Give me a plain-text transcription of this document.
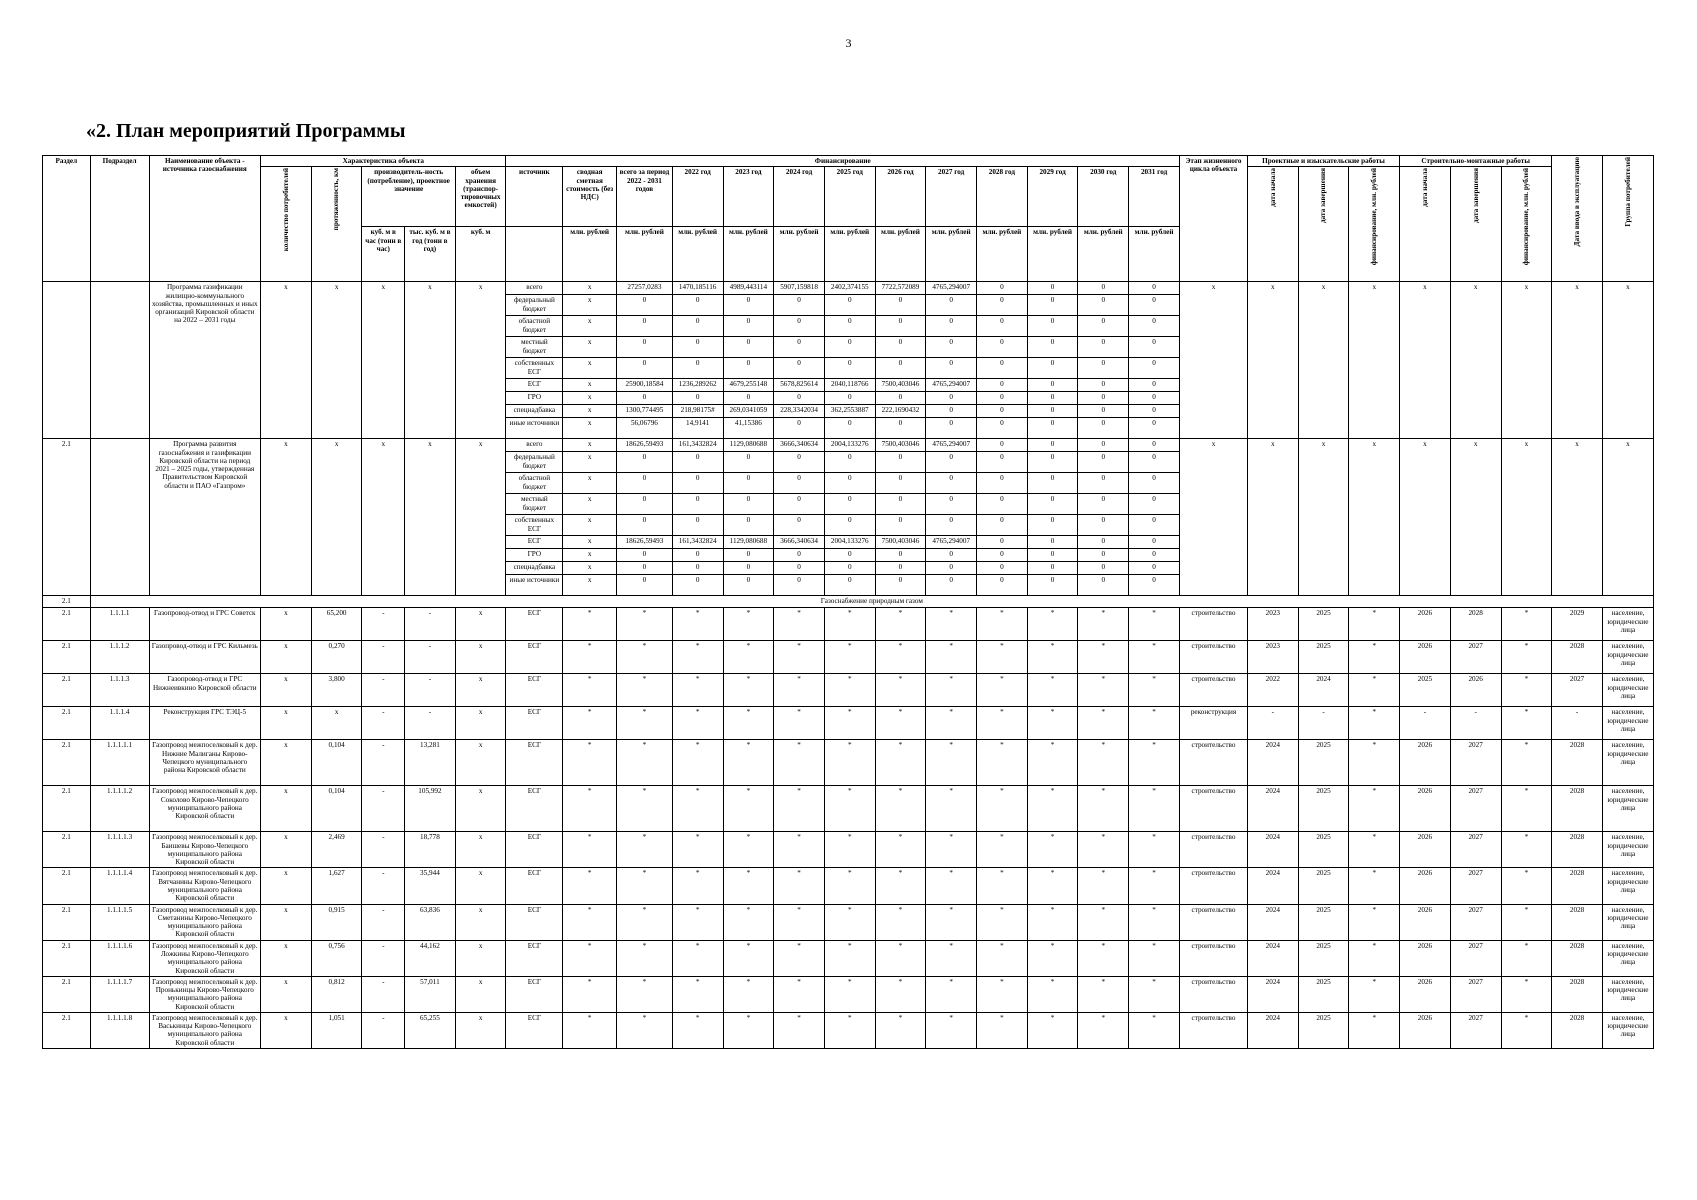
3
«2. План мероприятий Программы
Раздел	Подраздел	Наименование объекта - источника газоснабжения	Характеристика объекта					Финансирование													Этап жизненного цикла объекта	Проектные и изыскательские работы			Строительно-монтажные работы			Дата ввода в эксплуатацию	Группа потребителей
			количество потребителей	протяженность, км	производитель-ность (потребление), проектное значение		объем хранения (транспор-тировочных емкостей)	источник	сводная сметная стоимость (без НДС)	всего за период 2022 - 2031 годов	2022 год	2023 год	2024 год	2025 год	2026 год	2027 год	2028 год	2029 год	2030 год	2031 год		дата начала	дата завершения	финансирование, млн. рублей	дата начала	дата завершения	финансирование, млн. рублей		
					куб. м в час (тонн в час)	тыс. куб. м в год (тонн в год)	куб. м		млн. рублей	млн. рублей	млн. рублей	млн. рублей	млн. рублей	млн. рублей	млн. рублей	млн. рублей	млн. рублей	млн. рублей	млн. рублей	млн. рублей									
		Программа газификации жилищно-коммунального хозяйства, промышленных и иных организаций Кировской области на 2022 – 2031 годы	х	х	х	х	х	всего	х	27257,0283	1470,185116	4989,443114	5907,159818	2402,374155	7722,572089	4765,294007	0	0	0	0	х	х	х	х	х	х	х	х	х
								федеральный бюджет	х	0	0	0	0	0	0	0	0	0	0	0									
								областной бюджет	х	0	0	0	0	0	0	0	0	0	0	0									
								местный бюджет	х	0	0	0	0	0	0	0	0	0	0	0									
								собственных ЕСГ	х	0	0	0	0	0	0	0	0	0	0	0									
								ЕСГ	х	25900,18584	1236,289262	4679,255148	5678,825614	2040,118766	7500,403046	4765,294007	0	0	0	0									
								ГРО	х	0	0	0	0	0	0	0	0	0	0	0									
								спецнадбавка	х	1300,774495	218,98175#	269,0341059	228,3342034	362,2553887	222,1690432	0	0	0	0	0									
								иные источники	х	56,06796	14,9141	41,15386	0	0	0	0	0	0	0	0									
2.1		Программа развития газоснабжения и газификации Кировской области на период 2021 – 2025 годы, утвержденная Правительством Кировской области и ПАО «Газпром»	х	х	х	х	х	всего	х	18626,59493	161,3432824	1129,080688	3666,340634	2004,133276	7500,403046	4765,294007	0	0	0	0	х	х	х	х	х	х	х	х	х
								федеральный бюджет	х	0	0	0	0	0	0	0	0	0	0	0									
								областной бюджет	х	0	0	0	0	0	0	0	0	0	0	0									
								местный бюджет	х	0	0	0	0	0	0	0	0	0	0	0									
								собственных ЕСГ	х	0	0	0	0	0	0	0	0	0	0	0									
								ЕСГ	х	18626,59493	161,3432824	1129,080688	3666,340634	2004,133276	7500,403046	4765,294007	0	0	0	0									
								ГРО	х	0	0	0	0	0	0	0	0	0	0	0									
								спецнадбавка	х	0	0	0	0	0	0	0	0	0	0	0									
								иные источники	х	0	0	0	0	0	0	0	0	0	0	0									
2.1	Газоснабжение природным газом																												
2.1	1.1.1.1	Газопровод-отвод и ГРС Советск	х	65,200	-	-	х	ЕСГ	*	*	*	*	*	*	*	*	*	*	*	*	строительство	2023	2025	*	2026	2028	*	2029	население, юридические лица
2.1	1.1.1.2	Газопровод-отвод и ГРС Кильмезь	х	0,270	-	-	х	ЕСГ	*	*	*	*	*	*	*	*	*	*	*	*	строительство	2023	2025	*	2026	2027	*	2028	население, юридические лица
2.1	1.1.1.3	Газопровод-отвод и ГРС Нижнеивкино Кировской области	х	3,800	-	-	х	ЕСГ	*	*	*	*	*	*	*	*	*	*	*	*	строительство	2022	2024	*	2025	2026	*	2027	население, юридические лица
2.1	1.1.1.4	Реконструкция ГРС ТЭЦ-5	х	х	-	-	х	ЕСГ	*	*	*	*	*	*	*	*	*	*	*	*	реконструкция	-	-	*	-	-	*	-	население, юридические лица
2.1	1.1.1.1.1	Газопровод межпоселковый к дер. Нижние Малиганы Кирово-Чепецкого муниципального района Кировской области	х	0,104	-	13,281	х	ЕСГ	*	*	*	*	*	*	*	*	*	*	*	*	строительство	2024	2025	*	2026	2027	*	2028	население, юридические лица
2.1	1.1.1.1.2	Газопровод межпоселковый к дер. Соколово Кирово-Чепецкого муниципального района Кировской области	х	0,104	-	105,992	х	ЕСГ	*	*	*	*	*	*	*	*	*	*	*	*	строительство	2024	2025	*	2026	2027	*	2028	население, юридические лица
2.1	1.1.1.1.3	Газопровод межпоселковый к дер. Баишевы Кирово-Чепецкого муниципального района Кировской области	х	2,469	-	18,778	х	ЕСГ	*	*	*	*	*	*	*	*	*	*	*	*	строительство	2024	2025	*	2026	2027	*	2028	население, юридические лица
2.1	1.1.1.1.4	Газопровод межпоселковый к дер. Вятчанины Кирово-Чепецкого муниципального района Кировской области	х	1,627	-	35,944	х	ЕСГ	*	*	*	*	*	*	*	*	*	*	*	*	строительство	2024	2025	*	2026	2027	*	2028	население, юридические лица
2.1	1.1.1.1.5	Газопровод межпоселковый к дер. Сметанины Кирово-Чепецкого муниципального района Кировской области	х	0,915	-	63,836	х	ЕСГ	*	*	*	*	*	*	*	*	*	*	*	*	строительство	2024	2025	*	2026	2027	*	2028	население, юридические лица
2.1	1.1.1.1.6	Газопровод межпоселковый к дер. Ложкины Кирово-Чепецкого муниципального района Кировской области	х	0,756	-	44,162	х	ЕСГ	*	*	*	*	*	*	*	*	*	*	*	*	строительство	2024	2025	*	2026	2027	*	2028	население, юридические лица
2.1	1.1.1.1.7	Газопровод межпоселковый к дер. Пронькинцы Кирово-Чепецкого муниципального района Кировской области	х	0,812	-	57,011	х	ЕСГ	*	*	*	*	*	*	*	*	*	*	*	*	строительство	2024	2025	*	2026	2027	*	2028	население, юридические лица
2.1	1.1.1.1.8	Газопровод межпоселковый к дер. Васькинцы Кирово-Чепецкого муниципального района Кировской области	х	1,051	-	65,255	х	ЕСГ	*	*	*	*	*	*	*	*	*	*	*	*	строительство	2024	2025	*	2026	2027	*	2028	население, юридические лица
